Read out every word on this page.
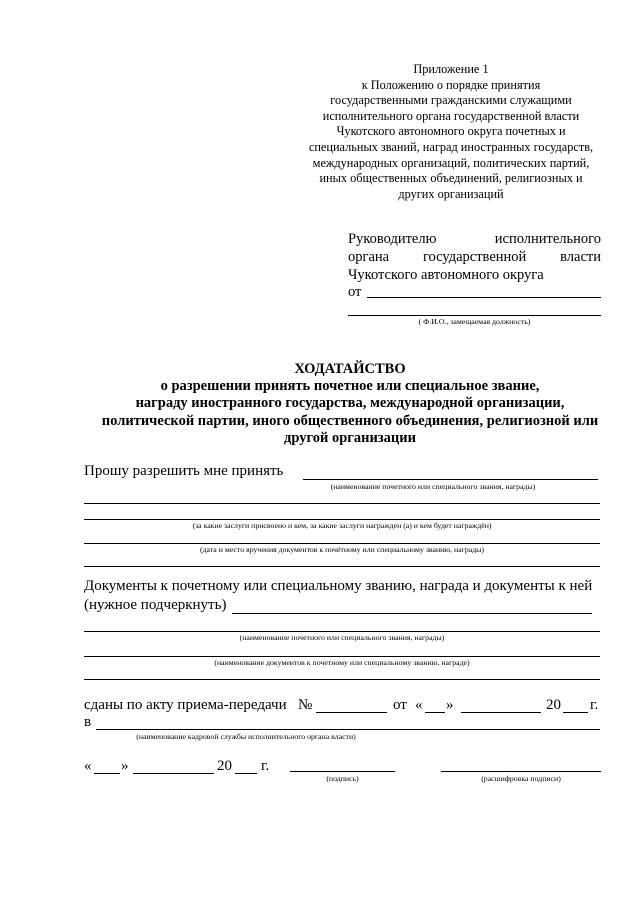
Приложение 1
к Положению о порядке принятия
государственными гражданскими служащими
исполнительного органа государственной власти
Чукотского автономного округа почетных и
специальных званий, наград иностранных государств,
международных организаций, политических партий,
иных общественных объединений, религиозных и
других организаций
Руководителю	исполнительного
органа государственной власти
Чукотского автономного округа
от
( Ф.И.О., замещаемая должность)
ХОДАТАЙСТВО
о разрешении принять почетное или специальное звание,
награду иностранного государства, международной организации,
политической партии, иного общественного объединения, религиозной или
другой организации
Прошу разрешить мне принять
(наименование почетного или специального звания, награды)
(за какие заслуги присвоено и кем, за какие заслуги награжден (а) и кем будет награждён)
(дата и место вручения документов к почётному или специальному званию, награды)
Документы к почетному или специальному званию, награда и документы к ней
(нужное подчеркнуть)
(наименование почетного или специального звания, награды)
(наименование документов к почетному или специальному званию, награде)
сданы по акту приема-передачи №	от « »	20 г.
в
(наименование кадровой службы исполнительного органа власти)
« »	20 г.
(подпись)	(расшифровка подписи)
